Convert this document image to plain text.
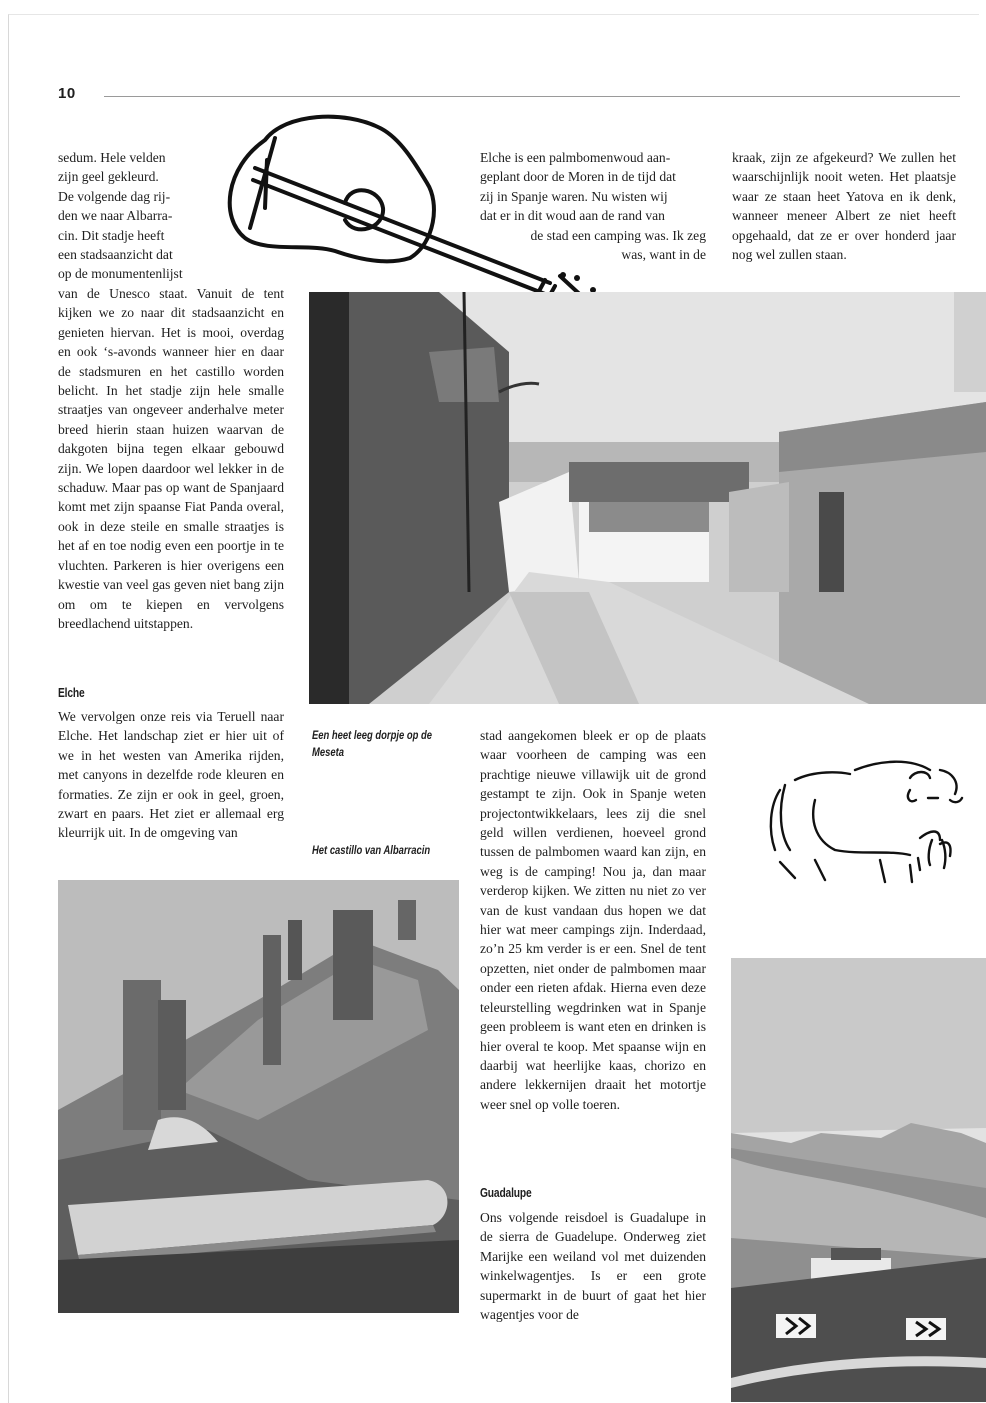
10

sedum. Hele velden

zijn geel gekleurd.

De volgende dag rij-

den we naar Albarra-

cin. Dit stadje heeft

een stadsaanzicht dat

op de monumentenlijst

van de Unesco staat. Vanuit de tent kijken we zo naar dit stadsaanzicht en genieten hiervan. Het is mooi, overdag en ook ‘s-avonds wanneer hier en daar de stadsmuren en het castillo worden belicht. In het stadje zijn hele smalle straatjes van ongeveer anderhalve meter breed hierin staan huizen waarvan de dakgoten bijna tegen elkaar gebouwd zijn. We lopen daardoor wel lekker in de schaduw. Maar pas op want de Spanjaard komt met zijn spaanse Fiat Panda overal, ook in deze steile en smalle straatjes is het af en toe nodig even een poortje in te vluchten. Parkeren is hier overigens een kwestie van veel gas geven niet bang zijn om om te kiepen en vervolgens breedlachend uitstappen.

Elche

We vervolgen onze reis via Teruell naar Elche. Het landschap ziet er hier uit of we in het westen van Amerika rijden, met canyons in dezelfde rode kleuren en formaties. Ze zijn er ook in geel, groen, zwart en paars. Het ziet er allemaal erg kleurrijk uit. In de omgeving van

Elche is een palmbomenwoud aan-

geplant door de Moren in de tijd dat

zij in Spanje waren. Nu wisten wij

dat er in dit woud aan de rand van

de stad een camping was. Ik zeg

was, want in de

kraak, zijn ze afgekeurd? We zullen het waarschijnlijk nooit weten. Het plaatsje waar ze staan heet Yatova en ik denk, wanneer meneer Albert ze niet heeft opgehaald, dat ze er over honderd jaar nog wel zullen staan.

Een heet leeg dorpje op de Meseta
Het castillo van Albarracin

stad aangekomen bleek er op de plaats waar voorheen de camping was een prachtige nieuwe villawijk uit de grond gestampt te zijn. Ook in Spanje weten projectontwikkelaars, lees zij die snel geld willen verdienen, hoeveel grond tussen de palmbomen waard kan zijn, en weg is de camping! Nou ja, dan maar verderop kijken. We zitten nu niet zo ver van de kust vandaan dus hopen we dat hier wat meer campings zijn. Inderdaad, zo’n 25 km verder is er een. Snel de tent opzetten, niet onder de palmbomen maar onder een rieten afdak. Hierna even deze teleurstelling wegdrinken wat in Spanje geen probleem is want eten en drinken is hier overal te koop. Met spaanse wijn en daarbij wat heerlijke kaas, chorizo en andere lekkernijen draait het motortje weer snel op volle toeren.

Guadalupe

Ons volgende reisdoel is Guadalupe in de sierra de Guadelupe. Onderweg ziet Marijke een weiland vol met duizenden winkelwagentjes. Is er een grote supermarkt in de buurt of gaat het hier wagentjes voor de
